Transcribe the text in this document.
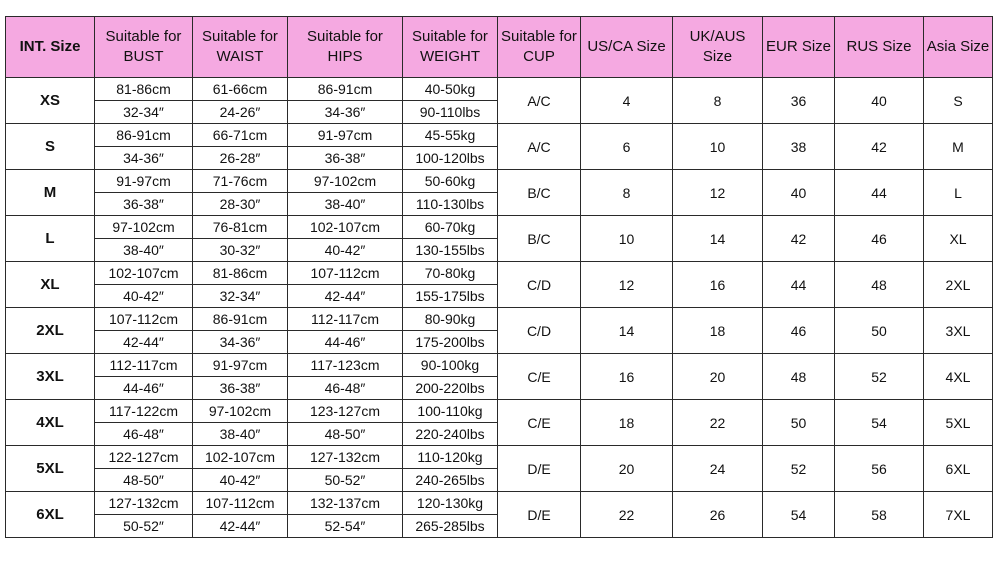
INT. Size	Suitable for BUST	Suitable for WAIST	Suitable for HIPS	Suitable for WEIGHT	Suitable for CUP	US/CA Size	UK/AUS Size	EUR Size	RUS Size	Asia Size
XS	81-86cm	61-66cm	86-91cm	40-50kg	A/C	4	8	36	40	S
	32-34″	24-26″	34-36″	90-110lbs						
S	86-91cm	66-71cm	91-97cm	45-55kg	A/C	6	10	38	42	M
	34-36″	26-28″	36-38″	100-120lbs						
M	91-97cm	71-76cm	97-102cm	50-60kg	B/C	8	12	40	44	L
	36-38″	28-30″	38-40″	110-130lbs						
L	97-102cm	76-81cm	102-107cm	60-70kg	B/C	10	14	42	46	XL
	38-40″	30-32″	40-42″	130-155lbs						
XL	102-107cm	81-86cm	107-112cm	70-80kg	C/D	12	16	44	48	2XL
	40-42″	32-34″	42-44″	155-175lbs						
2XL	107-112cm	86-91cm	112-117cm	80-90kg	C/D	14	18	46	50	3XL
	42-44″	34-36″	44-46″	175-200lbs						
3XL	112-117cm	91-97cm	117-123cm	90-100kg	C/E	16	20	48	52	4XL
	44-46″	36-38″	46-48″	200-220lbs						
4XL	117-122cm	97-102cm	123-127cm	100-110kg	C/E	18	22	50	54	5XL
	46-48″	38-40″	48-50″	220-240lbs						
5XL	122-127cm	102-107cm	127-132cm	110-120kg	D/E	20	24	52	56	6XL
	48-50″	40-42″	50-52″	240-265lbs						
6XL	127-132cm	107-112cm	132-137cm	120-130kg	D/E	22	26	54	58	7XL
	50-52″	42-44″	52-54″	265-285lbs						
